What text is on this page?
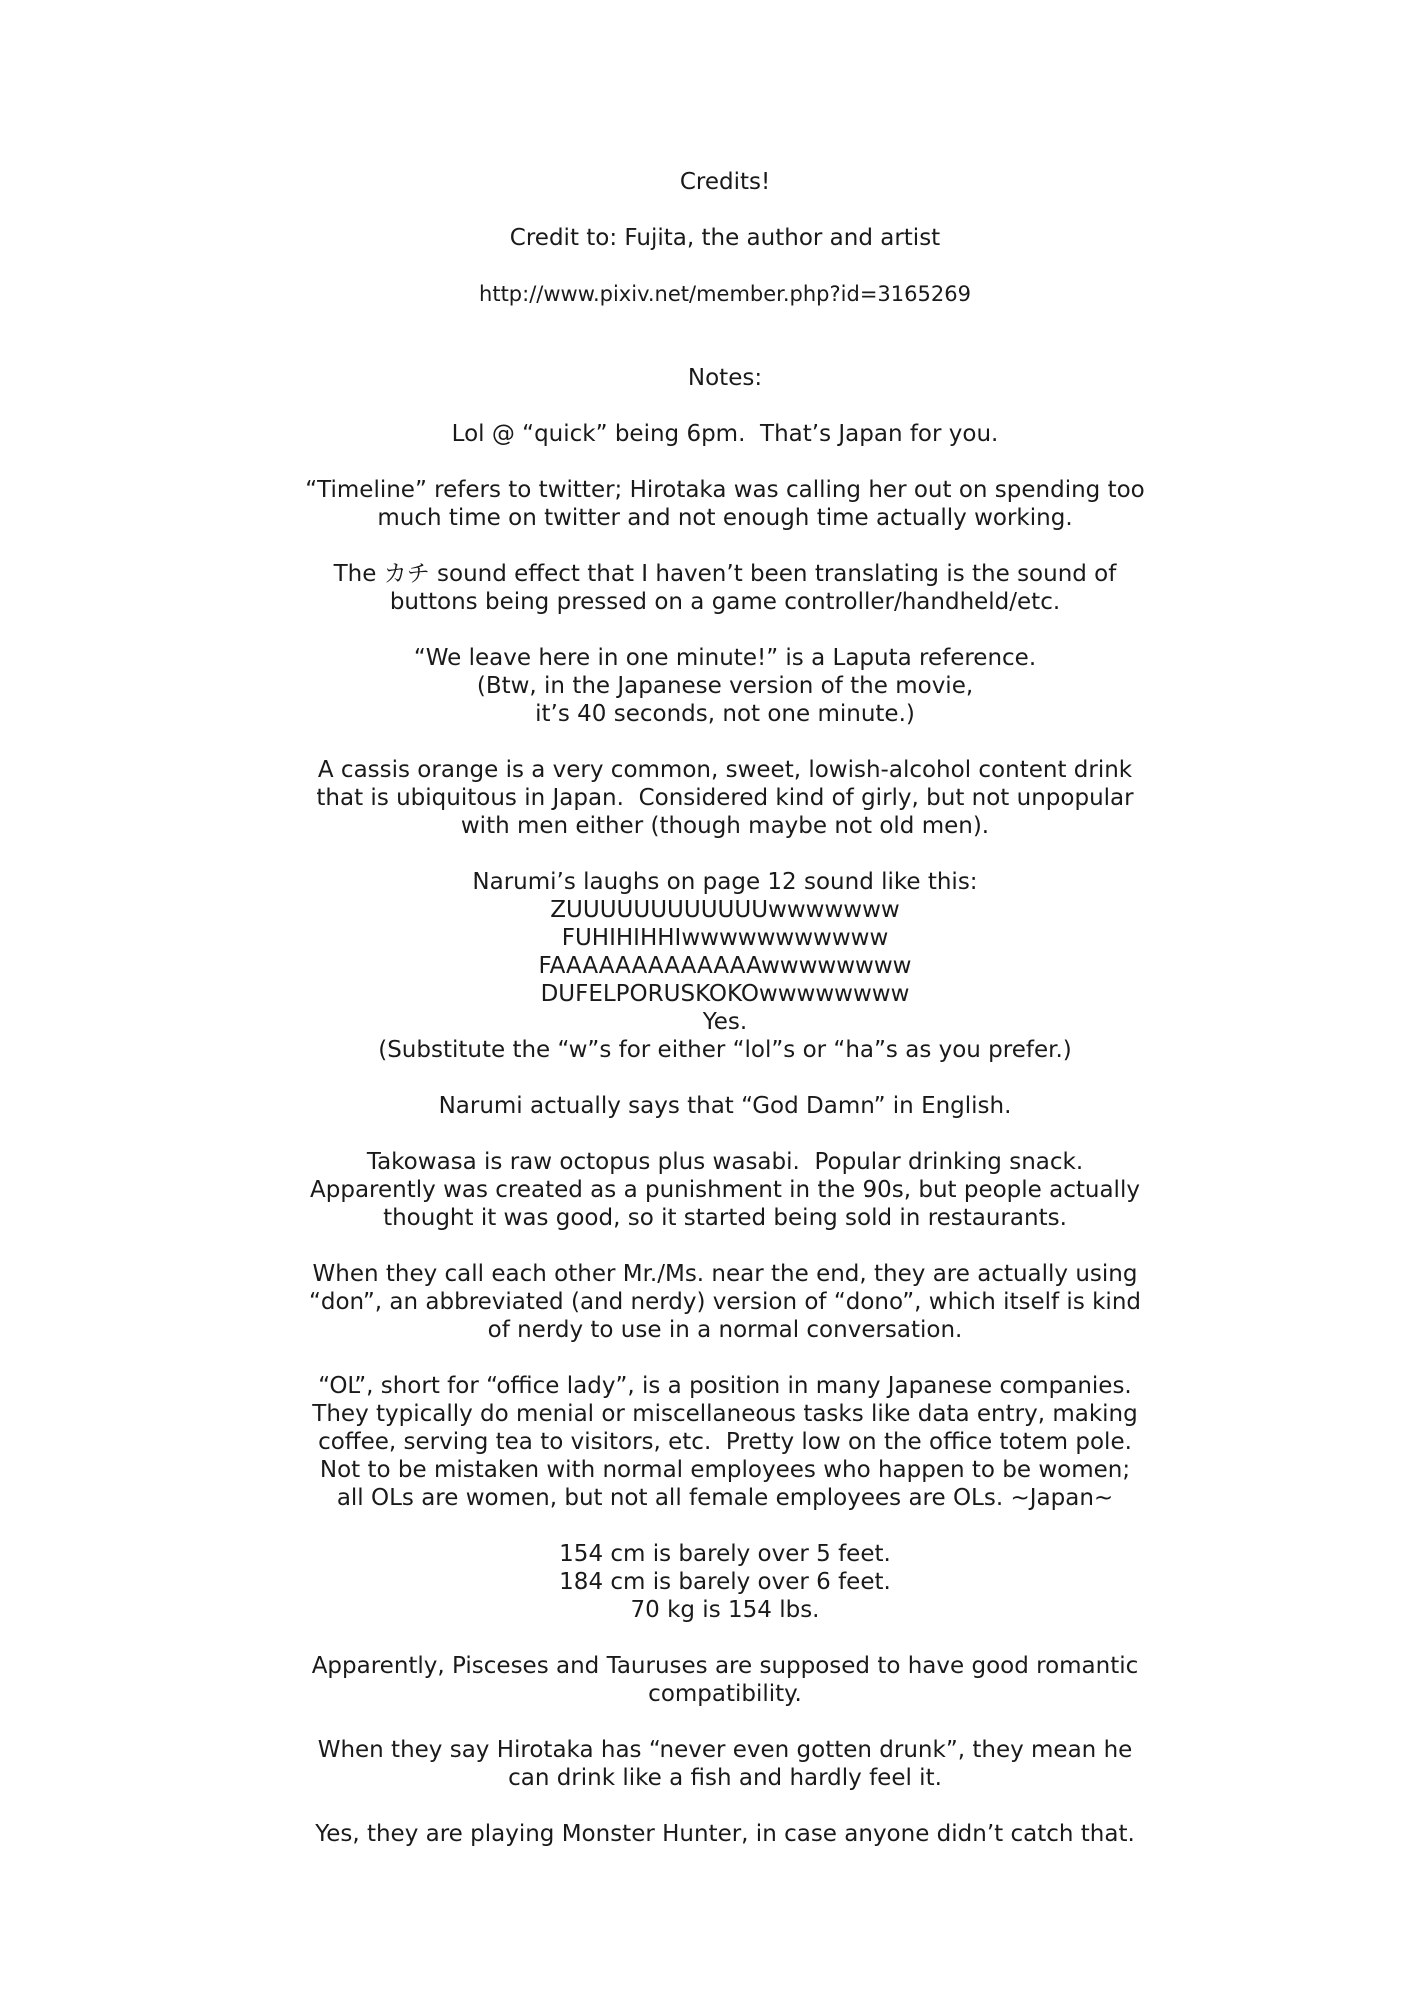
Credits!
Credit to: Fujita, the author and artist
http://www.pixiv.net/member.php?id=3165269
Notes:
Lol @ “quick” being 6pm.  That’s Japan for you.
“Timeline” refers to twitter; Hirotaka was calling her out on spending too
much time on twitter and not enough time actually working.
The カチ sound effect that I haven’t been translating is the sound of
buttons being pressed on a game controller/handheld/etc.
“We leave here in one minute!” is a Laputa reference.
(Btw, in the Japanese version of the movie,
it’s 40 seconds, not one minute.)
A cassis orange is a very common, sweet, lowish-alcohol content drink
that is ubiquitous in Japan.  Considered kind of girly, but not unpopular
with men either (though maybe not old men).
Narumi’s laughs on page 12 sound like this:
ZUUUUUUUUUUUUwwwwwww
FUHIHIHHIwwwwwwwwwww
FAAAAAAAAAAAAAwwwwwwww
DUFELPORUSKOKOwwwwwwww
Yes.
(Substitute the “w”s for either “lol”s or “ha”s as you prefer.)
Narumi actually says that “God Damn” in English.
Takowasa is raw octopus plus wasabi.  Popular drinking snack.
Apparently was created as a punishment in the 90s, but people actually
thought it was good, so it started being sold in restaurants.
When they call each other Mr./Ms. near the end, they are actually using
“don”, an abbreviated (and nerdy) version of “dono”, which itself is kind
of nerdy to use in a normal conversation.
“OL”, short for “office lady”, is a position in many Japanese companies.
They typically do menial or miscellaneous tasks like data entry, making
coffee, serving tea to visitors, etc.  Pretty low on the office totem pole.
Not to be mistaken with normal employees who happen to be women;
all OLs are women, but not all female employees are OLs. ~Japan~
154 cm is barely over 5 feet.
184 cm is barely over 6 feet.
70 kg is 154 lbs.
Apparently, Pisceses and Tauruses are supposed to have good romantic
compatibility.
When they say Hirotaka has “never even gotten drunk”, they mean he
can drink like a fish and hardly feel it.
Yes, they are playing Monster Hunter, in case anyone didn’t catch that.
